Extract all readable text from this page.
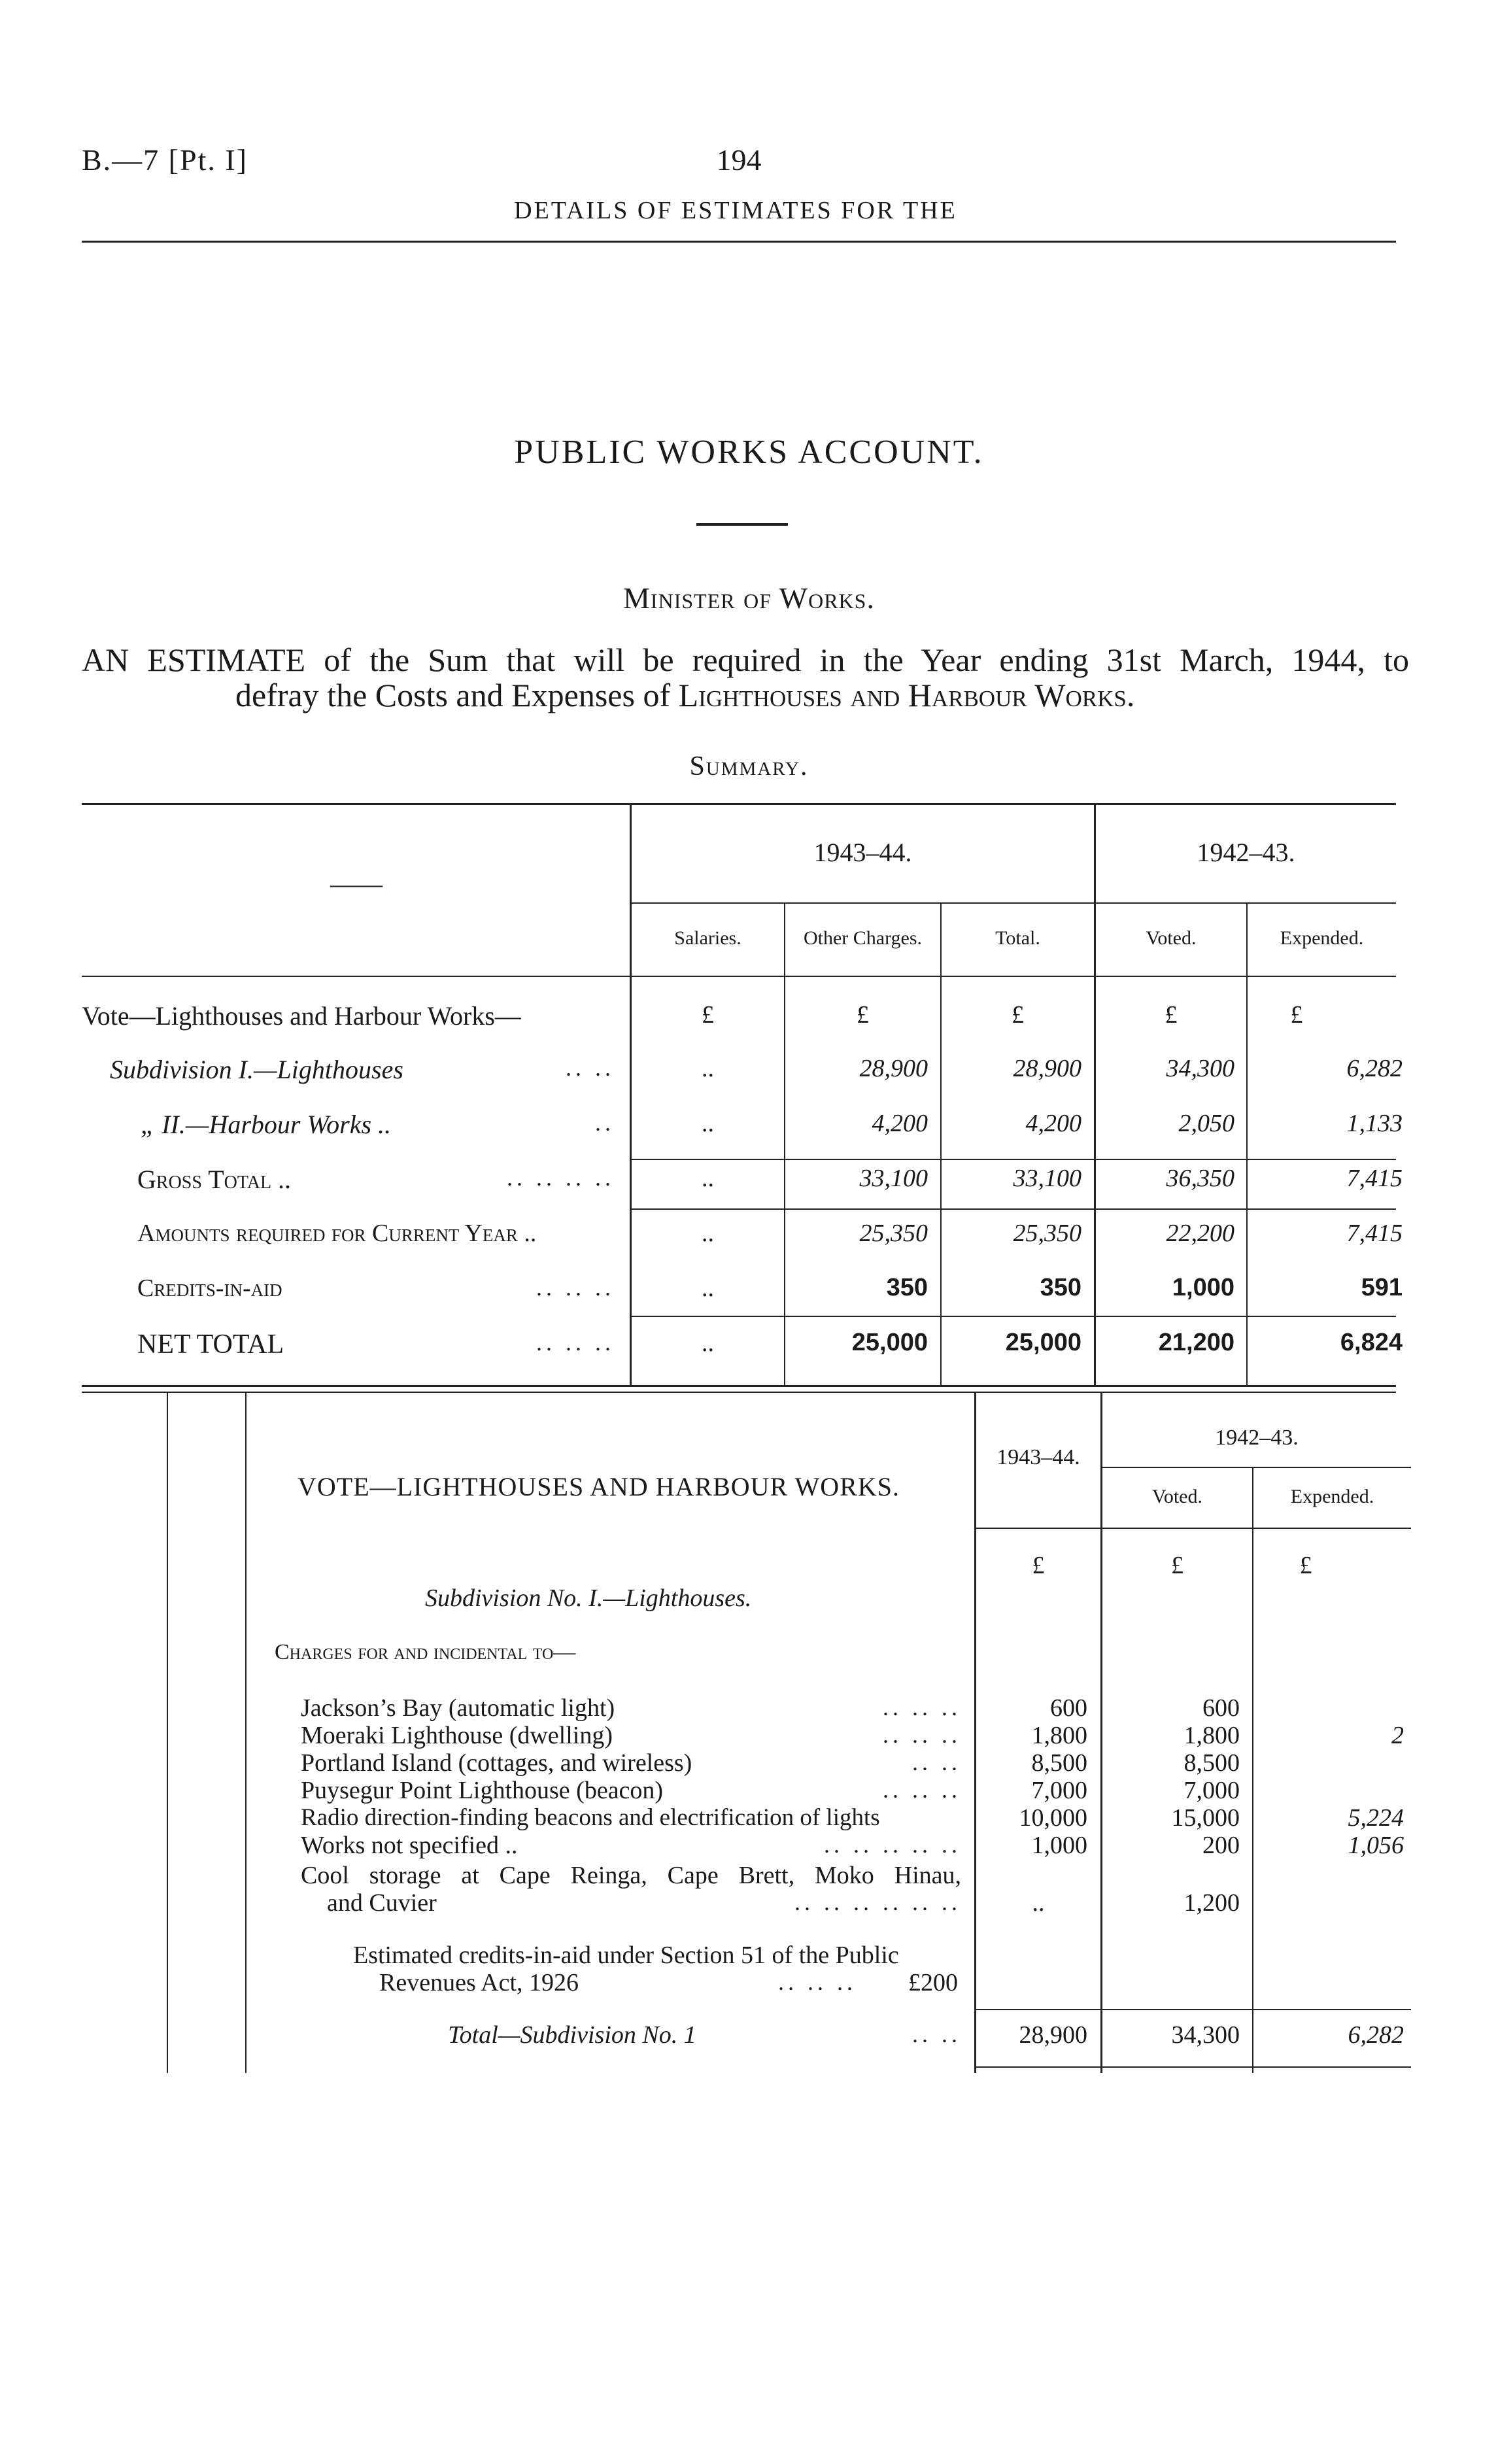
B.—7 [Pt. I]	194
DETAILS OF ESTIMATES FOR THE
PUBLIC WORKS ACCOUNT.
Minister of Works.
AN ESTIMATE of the Sum that will be required in the Year ending 31st March, 1944, to
defray the Costs and Expenses of Lighthouses and Harbour Works.
Summary.
——
1943–44.	1942–43.
Salaries.	Other Charges.	Total.	Voted.	Expended.
Vote—Lighthouses and Harbour Works—	£	£	£	£	£
Subdivision I.—Lighthouses	.. ..	..	28,900	28,900	34,300	6,282
„ II.—Harbour Works ..	..	..	4,200	4,200	2,050	1,133
Gross Total ..	.. .. .. ..	..	33,100	33,100	36,350	7,415
Amounts required for Current Year ..	..	25,350	25,350	22,200	7,415
Credits-in-aid	.. .. ..	..	350	350	1,000	591
NET TOTAL	.. .. ..	..	25,000	25,000	21,200	6,824
VOTE—LIGHTHOUSES AND HARBOUR WORKS.
1943–44.
1942–43.
Voted.	Expended.
£	£	£
Subdivision No. I.—Lighthouses.
Charges for and incidental to—
Jackson’s Bay (automatic light)	.. .. ..	600	600
Moeraki Lighthouse (dwelling)	.. .. ..	1,800	1,800	2
Portland Island (cottages, and wireless)	.. ..	8,500	8,500
Puysegur Point Lighthouse (beacon)	.. .. ..	7,000	7,000
Radio direction-finding beacons and electrification of lights	10,000	15,000	5,224
Works not specified ..	.. .. .. .. ..	1,000	200	1,056
Cool storage at Cape Reinga, Cape Brett, Moko Hinau,
and Cuvier	.. .. .. .. .. ..	..	1,200
Estimated credits-in-aid under Section 51 of the Public
Revenues Act, 1926	.. .. ..	£200
Total—Subdivision No. 1	.. ..	28,900	34,300	6,282
